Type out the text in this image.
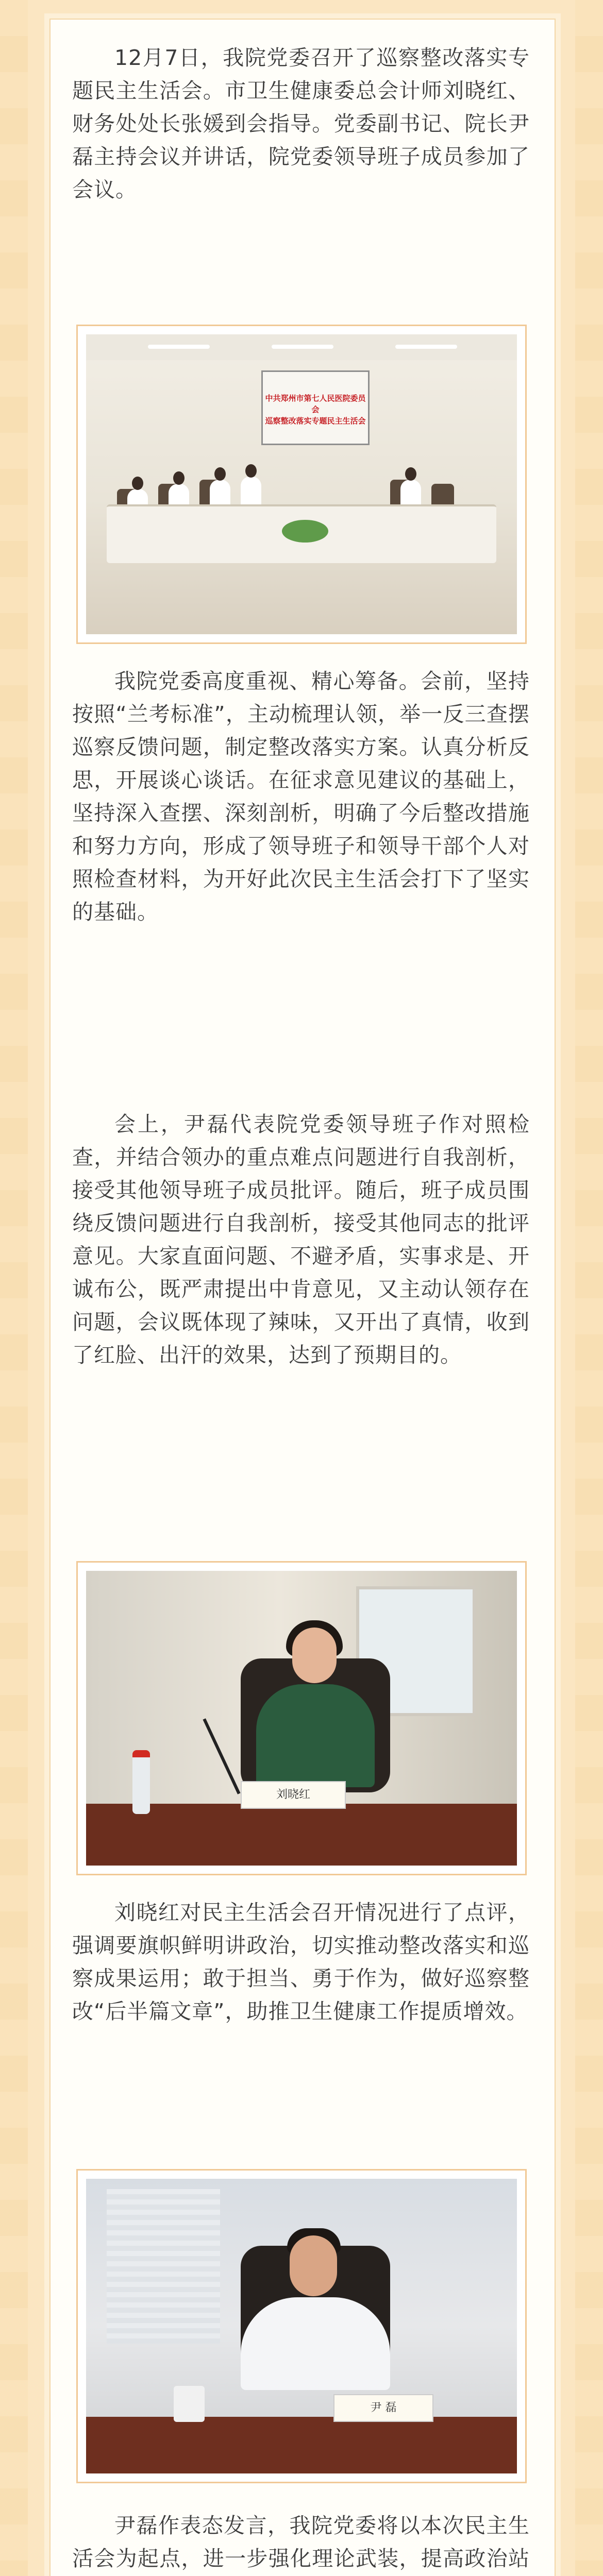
12月7日，我院党委召开了巡察整改落实专题民主生活会。市卫生健康委总会计师刘晓红、财务处处长张媛到会指导。党委副书记、院长尹磊主持会议并讲话，院党委领导班子成员参加了会议。

中共郑州市第七人民医院委员会
巡察整改落实专题民主生活会

我院党委高度重视、精心筹备。会前，坚持按照“兰考标准”，主动梳理认领，举一反三查摆巡察反馈问题，制定整改落实方案。认真分析反思，开展谈心谈话。在征求意见建议的基础上，坚持深入查摆、深刻剖析，明确了今后整改措施和努力方向，形成了领导班子和领导干部个人对照检查材料，为开好此次民主生活会打下了坚实的基础。

会上，尹磊代表院党委领导班子作对照检查，并结合领办的重点难点问题进行自我剖析，接受其他领导班子成员批评。随后，班子成员围绕反馈问题进行自我剖析，接受其他同志的批评意见。大家直面问题、不避矛盾，实事求是、开诚布公，既严肃提出中肯意见，又主动认领存在问题，会议既体现了辣味，又开出了真情，收到了红脸、出汗的效果，达到了预期目的。

刘晓红

刘晓红对民主生活会召开情况进行了点评，强调要旗帜鲜明讲政治，切实推动整改落实和巡察成果运用；敢于担当、勇于作为，做好巡察整改“后半篇文章”，助推卫生健康工作提质增效。

尹 磊

尹磊作表态发言，我院党委将以本次民主生活会为起点，进一步强化理论武装，提高政治站
